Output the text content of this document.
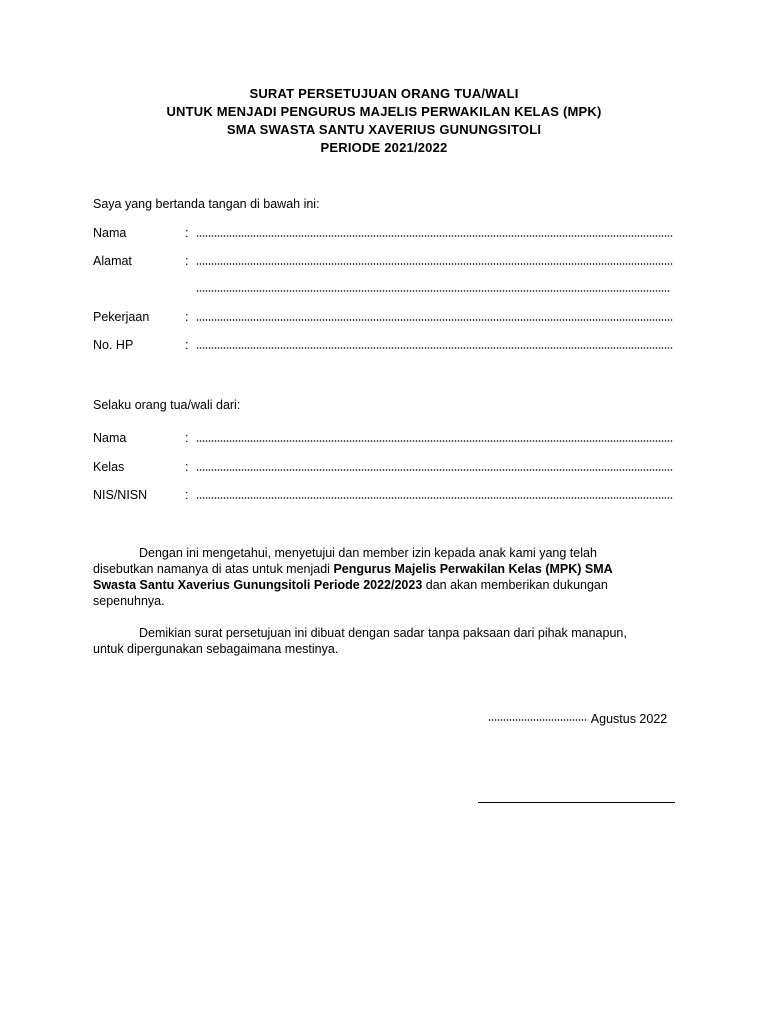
SURAT PERSETUJUAN ORANG TUA/WALI
UNTUK MENJADI PENGURUS MAJELIS PERWAKILAN KELAS (MPK)
SMA SWASTA SANTU XAVERIUS GUNUNGSITOLI
PERIODE 2021/2022
Saya yang bertanda tangan di bawah ini:
Nama	:
Alamat	:
Pekerjaan	:
No. HP	:
Selaku orang tua/wali dari:
Nama	:
Kelas	:
NIS/NISN	:
Dengan ini mengetahui, menyetujui dan member izin kepada anak kami yang telah disebutkan namanya di atas untuk menjadi Pengurus Majelis Perwakilan Kelas (MPK) SMA Swasta Santu Xaverius Gunungsitoli Periode 2022/2023 dan akan memberikan dukungan sepenuhnya.
Demikian surat persetujuan ini dibuat dengan sadar tanpa paksaan dari pihak manapun, untuk dipergunakan sebagaimana mestinya.
Agustus 2022
